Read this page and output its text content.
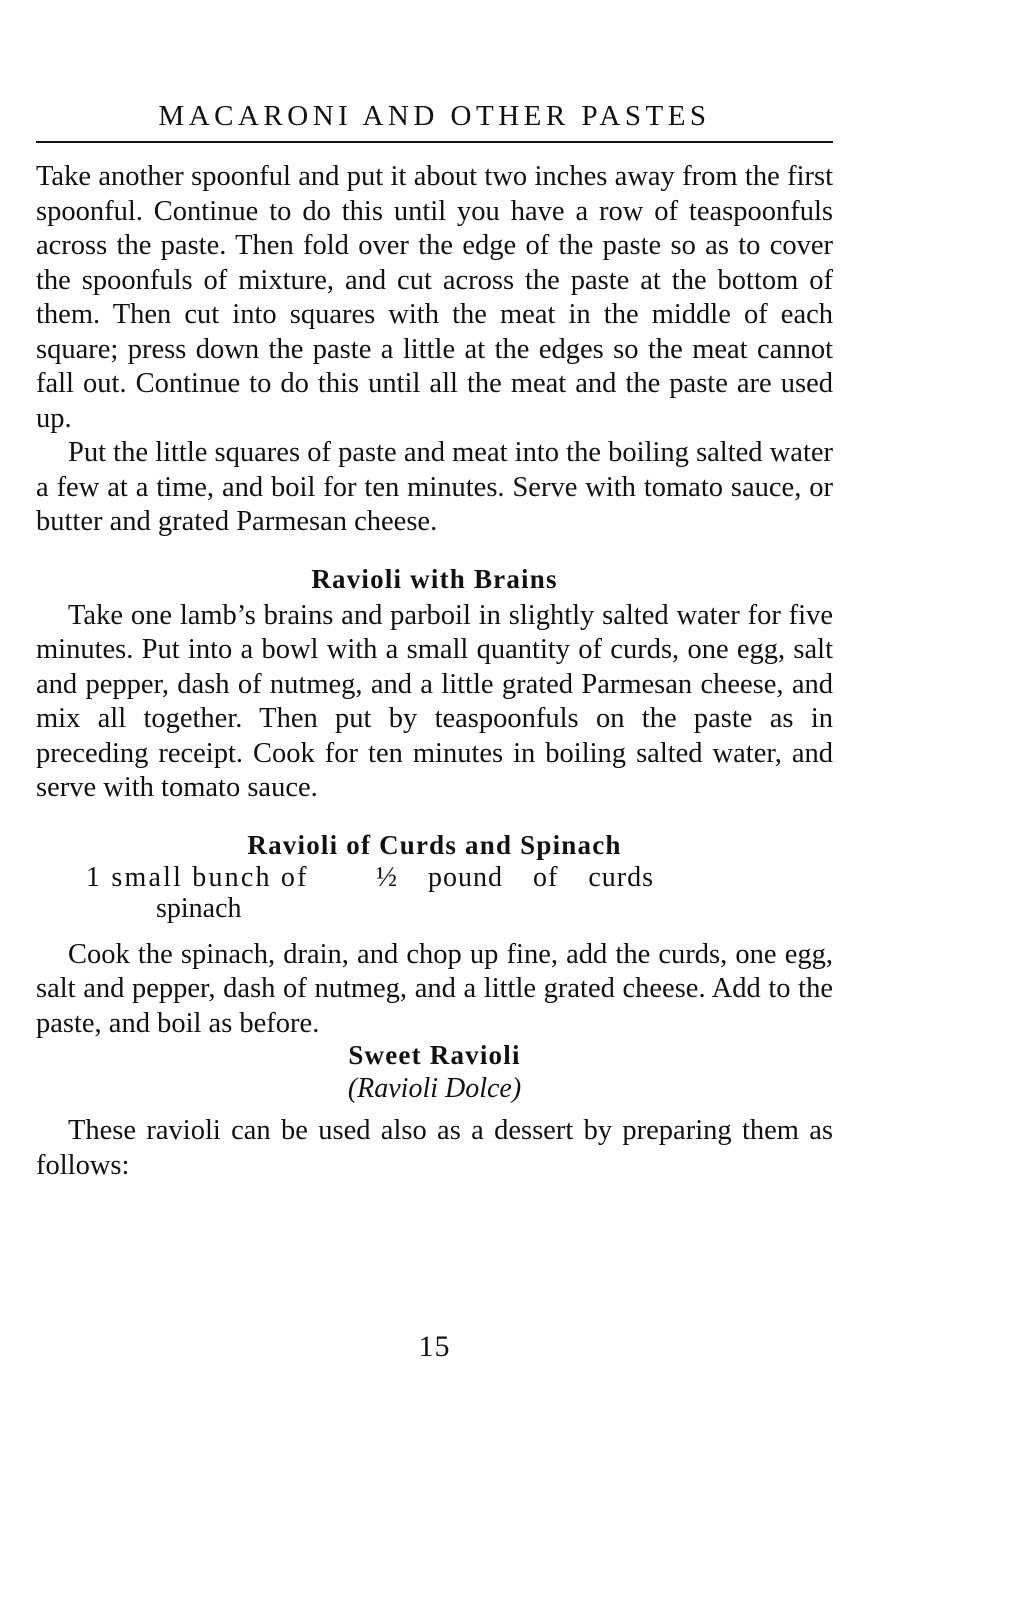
MACARONI AND OTHER PASTES

Take another spoonful and put it about two inches away from the first spoonful. Continue to do this until you have a row of teaspoonfuls across the paste. Then fold over the edge of the paste so as to cover the spoonfuls of mixture, and cut across the paste at the bottom of them. Then cut into squares with the meat in the middle of each square; press down the paste a little at the edges so the meat cannot fall out. Continue to do this until all the meat and the paste are used up.

Put the little squares of paste and meat into the boiling salted water a few at a time, and boil for ten minutes. Serve with tomato sauce, or butter and grated Parmesan cheese.

Ravioli with Brains

Take one lamb’s brains and parboil in slightly salted water for five minutes. Put into a bowl with a small quantity of curds, one egg, salt and pepper, dash of nutmeg, and a little grated Parmesan cheese, and mix all together. Then put by teaspoonfuls on the paste as in preceding receipt. Cook for ten minutes in boiling salted water, and serve with tomato sauce.

Ravioli of Curds and Spinach
1 small bunch of
spinach
½ pound of curds

Cook the spinach, drain, and chop up fine, add the curds, one egg, salt and pepper, dash of nutmeg, and a little grated cheese. Add to the paste, and boil as before.

Sweet Ravioli
(Ravioli Dolce)

These ravioli can be used also as a dessert by preparing them as follows:

15
